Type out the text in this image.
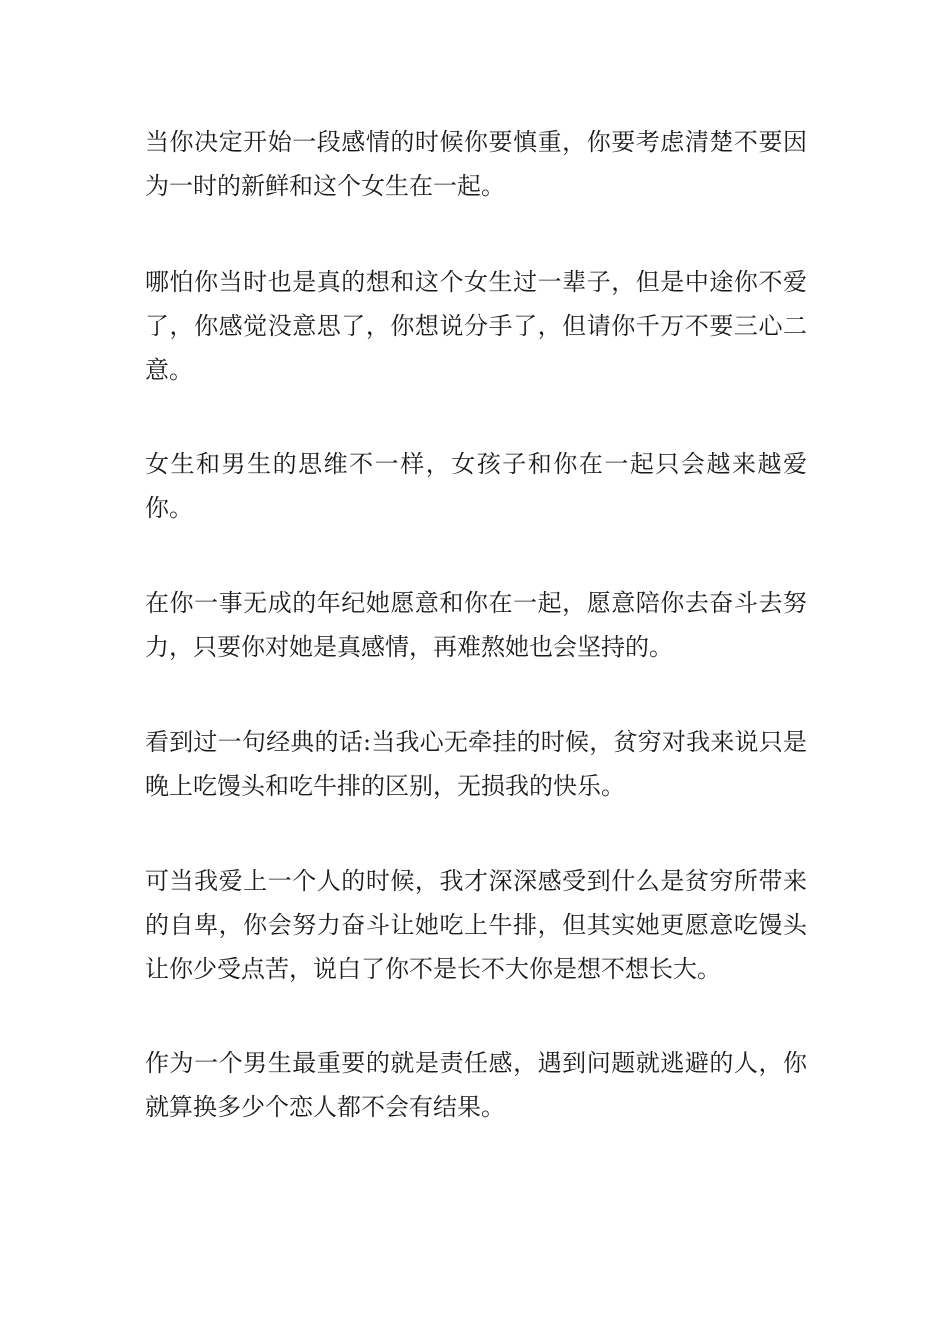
当你决定开始一段感情的时候你要慎重，你要考虑清楚不要因为一时的新鲜和这个女生在一起。

哪怕你当时也是真的想和这个女生过一辈子，但是中途你不爱了，你感觉没意思了，你想说分手了，但请你千万不要三心二意。

女生和男生的思维不一样，女孩子和你在一起只会越来越爱你。

在你一事无成的年纪她愿意和你在一起，愿意陪你去奋斗去努力，只要你对她是真感情，再难熬她也会坚持的。

看到过一句经典的话:当我心无牵挂的时候，贫穷对我来说只是晚上吃馒头和吃牛排的区别，无损我的快乐。

可当我爱上一个人的时候，我才深深感受到什么是贫穷所带来的自卑，你会努力奋斗让她吃上牛排，但其实她更愿意吃馒头让你少受点苦，说白了你不是长不大你是想不想长大。

作为一个男生最重要的就是责任感，遇到问题就逃避的人，你就算换多少个恋人都不会有结果。
